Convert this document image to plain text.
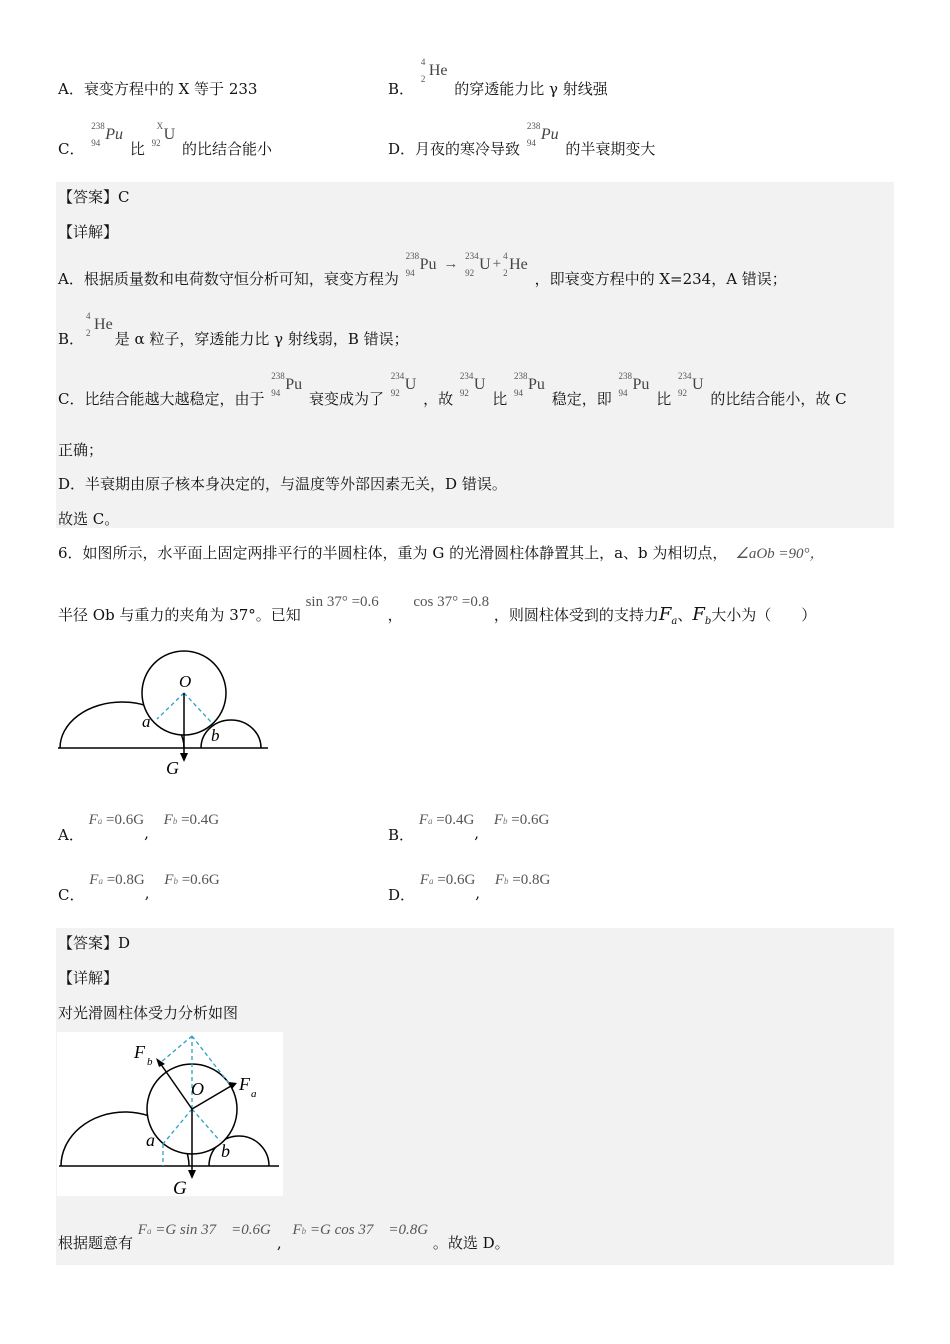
A．衰变方程中的 X 等于 233	B．
4
2 He 的穿透能力比 γ 射线强
C．
238
94 Pu 比
X
92 U 的比结合能小	D．月夜的寒冷导致
238
94 Pu 的半衰期变大
【答案】C
【详解】
A．根据质量数和电荷数守恒分析可知，衰变方程为
238
94 Pu →
234
92 U +
4
2 He ，即衰变方程中的 X=234，A 错误；
B．
4
2 He是 α 粒子，穿透能力比 γ 射线弱，B 错误；
C．比结合能越大越稳定，由于
238
94 Pu 衰变成为了
234
92 U ，故
234
92 U 比
238
94 Pu 稳定，即
238
94 Pu 比
234
92 U 的比结合能小，故 C
正确；
D．半衰期由原子核本身决定的，与温度等外部因素无关，D 错误。
故选 C。
6．如图所示，水平面上固定两排平行的半圆柱体，重为 G 的光滑圆柱体静置其上，a、b 为相切点， ∠aOb =90°，
半径 Ob 与重力的夹角为 37°。已知 sin 37° =0.6 ， cos 37° =0.8 ，则圆柱体受到的支持力$F_a$、$F_b$大小为（　　）
O
a
b
G
A． Fa =0.6G, Fb =0.4G
B． Fa =0.4G, Fb =0.6G
C． Fa =0.8G, Fb =0.6G
D． Fa =0.6G, Fb =0.8G
【答案】D
【详解】
对光滑圆柱体受力分析如图
F b
F a
O
a
b
G
根据题意有 Fa =G sin 37　=0.6G, Fb =G cos 37　=0.8G 。故选 D。
